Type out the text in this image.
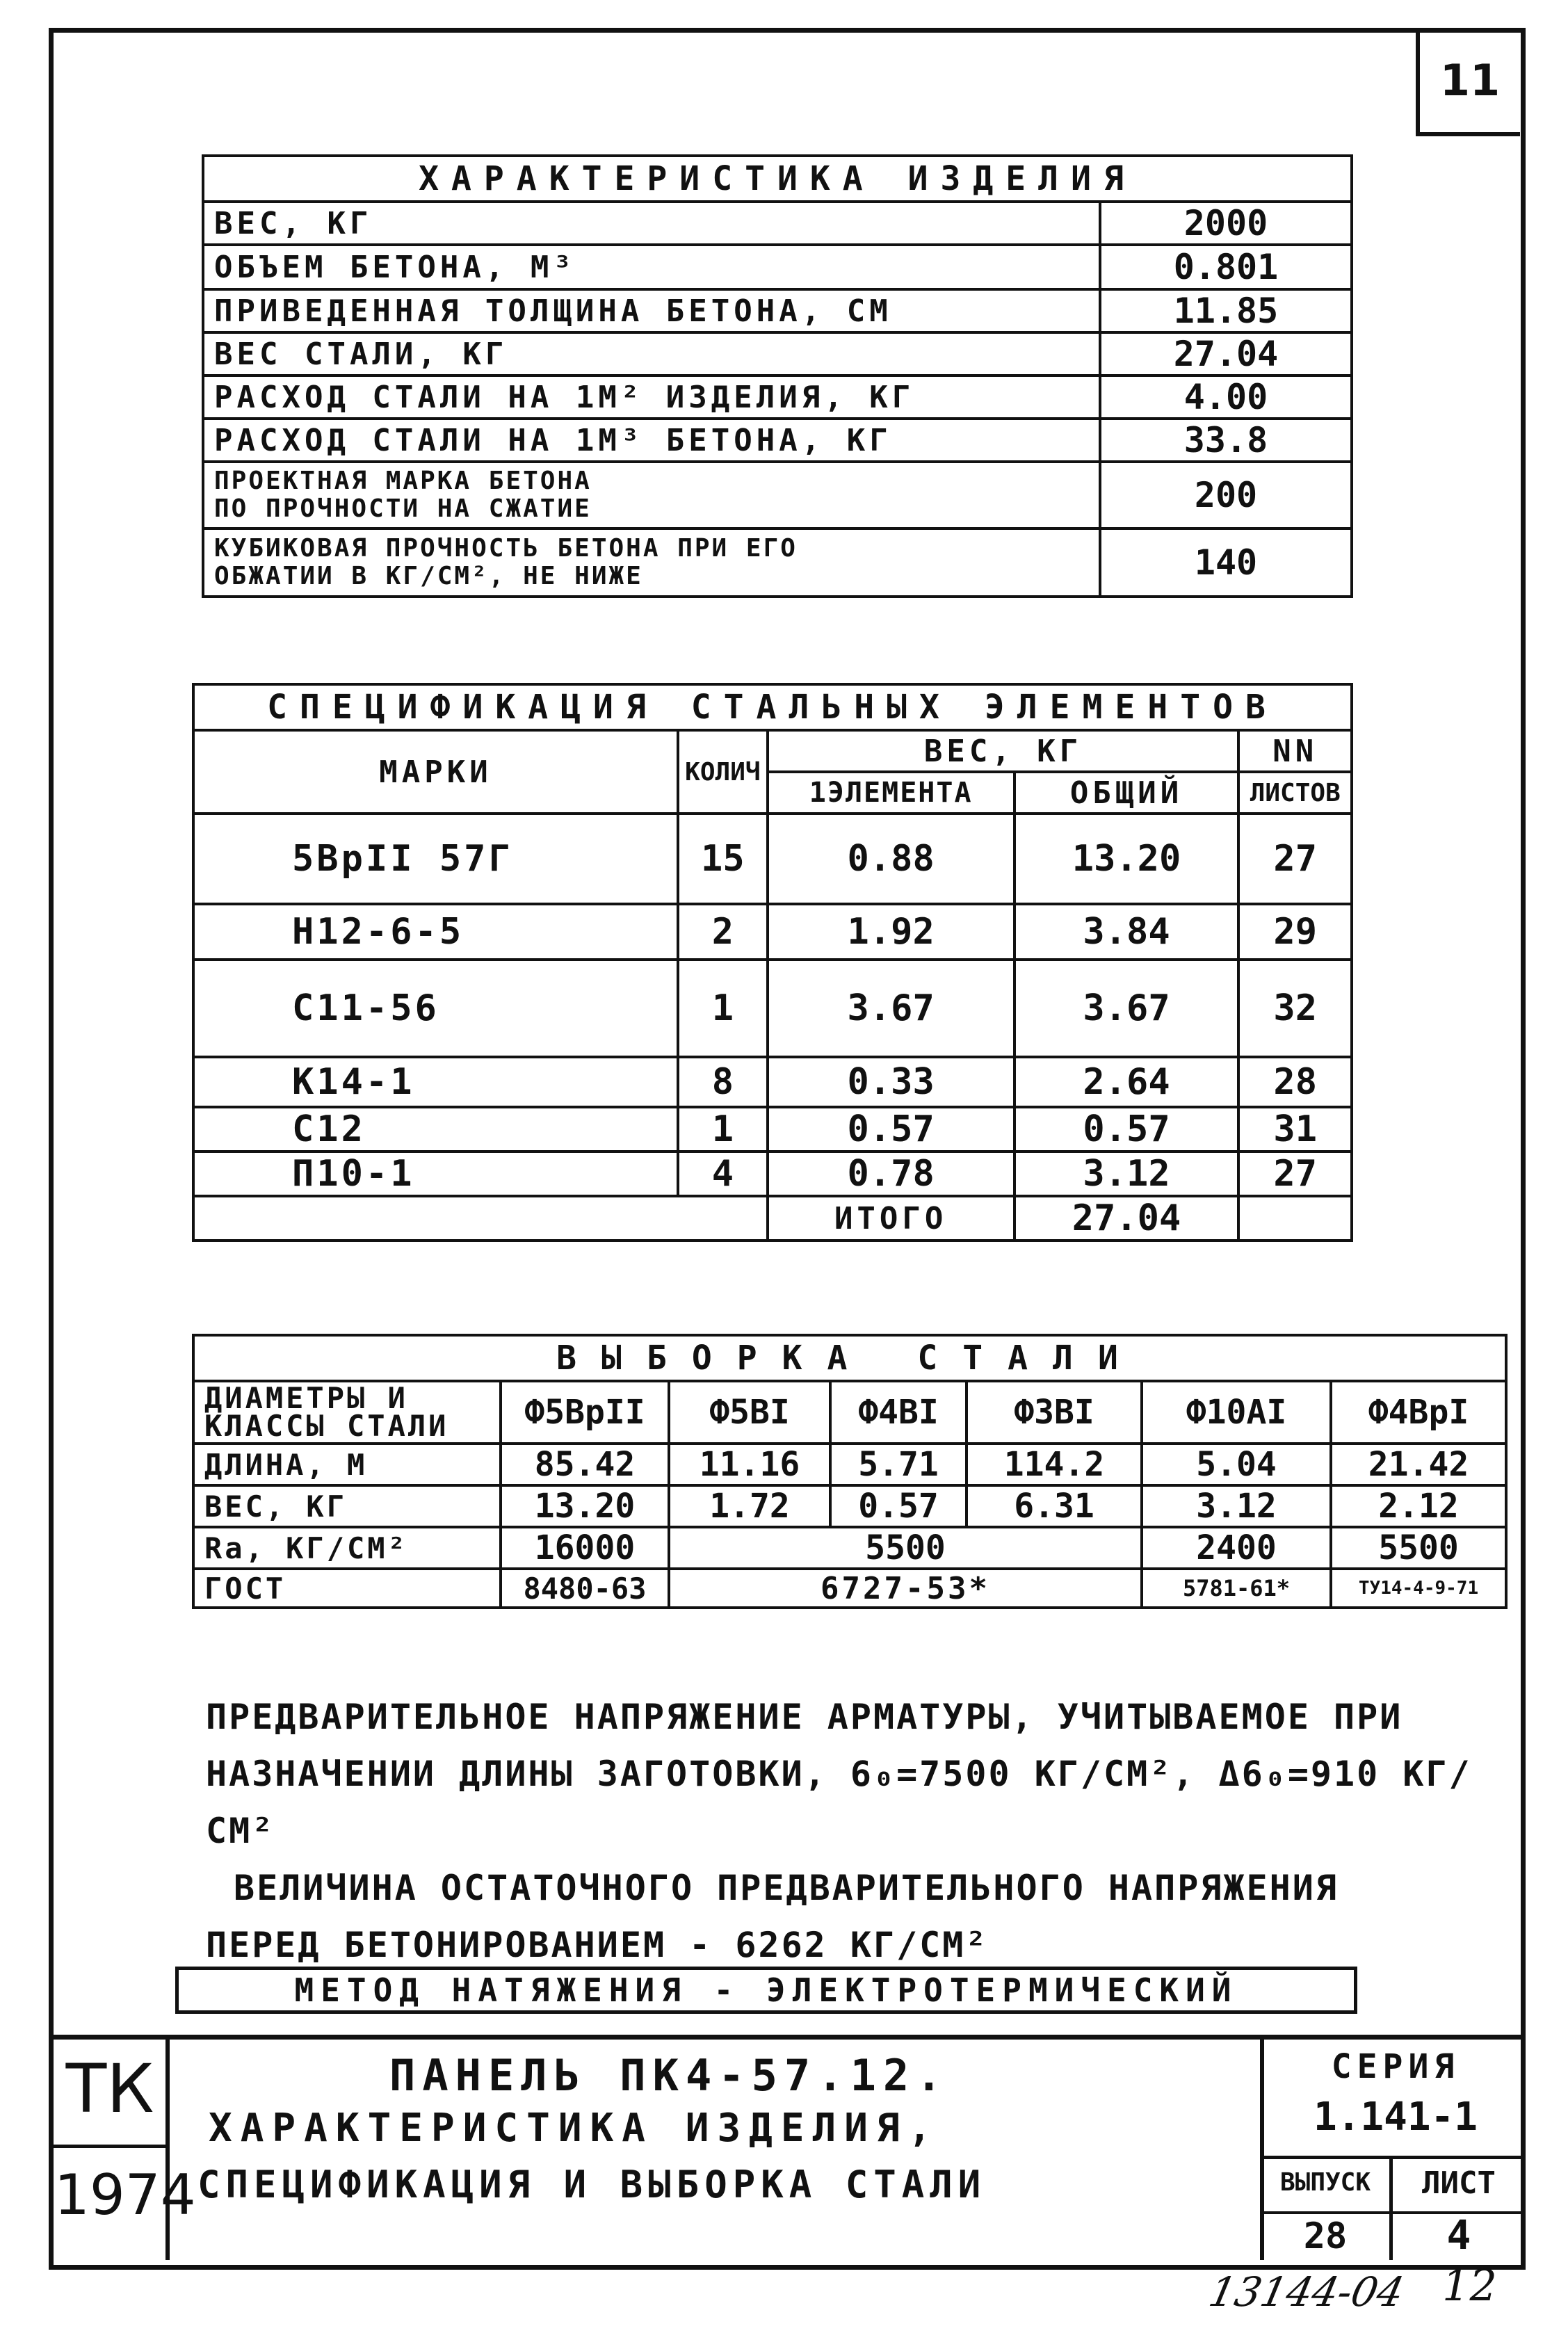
11
ХАРАКТЕРИСТИКА ИЗДЕЛИЯ	
ВЕС, КГ	2000
ОБЪЕМ БЕТОНА, М³	0.801
ПРИВЕДЕННАЯ ТОЛЩИНА БЕТОНА, СМ	11.85
ВЕС СТАЛИ, КГ	27.04
РАСХОД СТАЛИ НА 1М² ИЗДЕЛИЯ, КГ	4.00
РАСХОД СТАЛИ НА 1М³ БЕТОНА, КГ	33.8
ПРОЕКТНАЯ МАРКА БЕТОНА
ПО ПРОЧНОСТИ НА СЖАТИЕ	200
КУБИКОВАЯ ПРОЧНОСТЬ БЕТОНА ПРИ ЕГО
ОБЖАТИИ В КГ/СМ², НЕ НИЖЕ	140
СПЕЦИФИКАЦИЯ СТАЛЬНЫХ ЭЛЕМЕНТОВ				
МАРКИ	КОЛИЧ	ВЕС, КГ		NN
		1ЭЛЕМЕНТА	ОБЩИЙ	ЛИСТОВ
5ВрII 57Г	15	0.88	13.20	27
Н12-6-5	2	1.92	3.84	29
С11-56	1	3.67	3.67	32
К14-1	8	0.33	2.64	28
С12	1	0.57	0.57	31
П10-1	4	0.78	3.12	27
		ИТОГО	27.04	
ВЫБОРКА СТАЛИ						
ДИАМЕТРЫ И
КЛАССЫ СТАЛИ	Ф5ВрII	Ф5ВI	Ф4ВI	Ф3ВI	Ф10АI	Ф4ВрI
ДЛИНА, М	85.42	11.16	5.71	114.2	5.04	21.42
ВЕС, КГ	13.20	1.72	0.57	6.31	3.12	2.12
Rа, КГ/СМ²	16000	5500			2400	5500
ГОСТ	8480-63	6727-53*			5781-61*	ТУ14-4-9-71
ПРЕДВАРИТЕЛЬНОЕ НАПРЯЖЕНИЕ АРМАТУРЫ, УЧИТЫВАЕМОЕ ПРИ
НАЗНАЧЕНИИ ДЛИНЫ ЗАГОТОВКИ, 6₀=7500 КГ/СМ², Δ6₀=910 КГ/СМ²
ВЕЛИЧИНА ОСТАТОЧНОГО ПРЕДВАРИТЕЛЬНОГО НАПРЯЖЕНИЯ
ПЕРЕД БЕТОНИРОВАНИЕМ - 6262 КГ/СМ²
МЕТОД НАТЯЖЕНИЯ - ЭЛЕКТРОТЕРМИЧЕСКИЙ
ТК
1974
ПАНЕЛЬ ПК4-57.12.
ХАРАКТЕРИСТИКА ИЗДЕЛИЯ,
СПЕЦИФИКАЦИЯ И ВЫБОРКА СТАЛИ
СЕРИЯ
1.141-1
ВЫПУСК
28
ЛИСТ
4
13144-04 12
